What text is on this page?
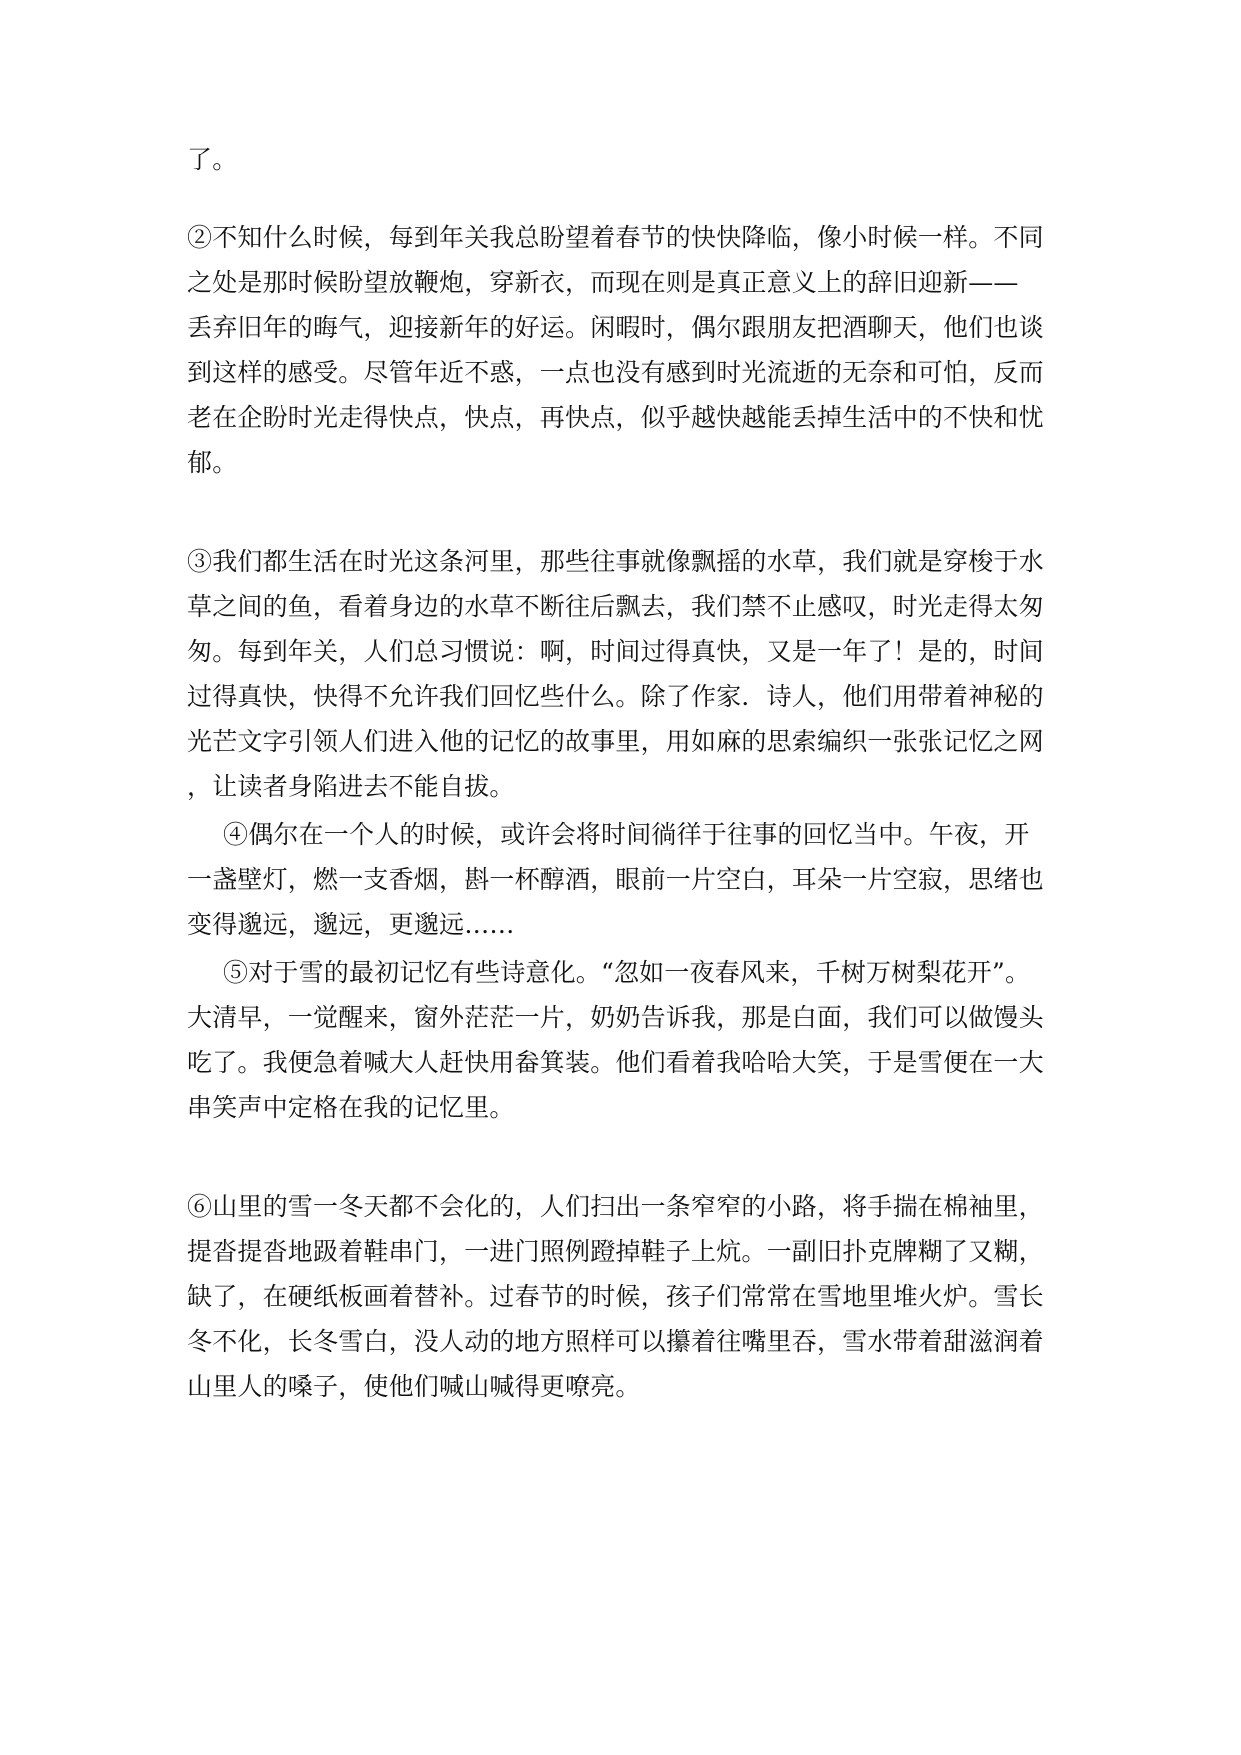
了。
②不知什么时候，每到年关我总盼望着春节的快快降临，像小时候一样。不同
之处是那时候盼望放鞭炮，穿新衣，而现在则是真正意义上的辞旧迎新——
丢弃旧年的晦气，迎接新年的好运。闲暇时，偶尔跟朋友把酒聊天，他们也谈
到这样的感受。尽管年近不惑，一点也没有感到时光流逝的无奈和可怕，反而
老在企盼时光走得快点，快点，再快点，似乎越快越能丢掉生活中的不快和忧
郁。
③我们都生活在时光这条河里，那些往事就像飘摇的水草，我们就是穿梭于水
草之间的鱼，看着身边的水草不断往后飘去，我们禁不止感叹，时光走得太匆
匆。每到年关，人们总习惯说：啊，时间过得真快，又是一年了！是的，时间
过得真快，快得不允许我们回忆些什么。除了作家．诗人，他们用带着神秘的
光芒文字引领人们进入他的记忆的故事里，用如麻的思索编织一张张记忆之网
，让读者身陷进去不能自拔。
④偶尔在一个人的时候，或许会将时间徜徉于往事的回忆当中。午夜，开
一盏壁灯，燃一支香烟，斟一杯醇酒，眼前一片空白，耳朵一片空寂，思绪也
变得邈远，邈远，更邈远……
⑤对于雪的最初记忆有些诗意化。“忽如一夜春风来，千树万树梨花开”。
大清早，一觉醒来，窗外茫茫一片，奶奶告诉我，那是白面，我们可以做馒头
吃了。我便急着喊大人赶快用畚箕装。他们看着我哈哈大笑，于是雪便在一大
串笑声中定格在我的记忆里。
⑥山里的雪一冬天都不会化的，人们扫出一条窄窄的小路，将手揣在棉袖里，
提沓提沓地趿着鞋串门，一进门照例蹬掉鞋子上炕。一副旧扑克牌糊了又糊，
缺了，在硬纸板画着替补。过春节的时候，孩子们常常在雪地里堆火炉。雪长
冬不化，长冬雪白，没人动的地方照样可以攥着往嘴里吞，雪水带着甜滋润着
山里人的嗓子，使他们喊山喊得更嘹亮。
